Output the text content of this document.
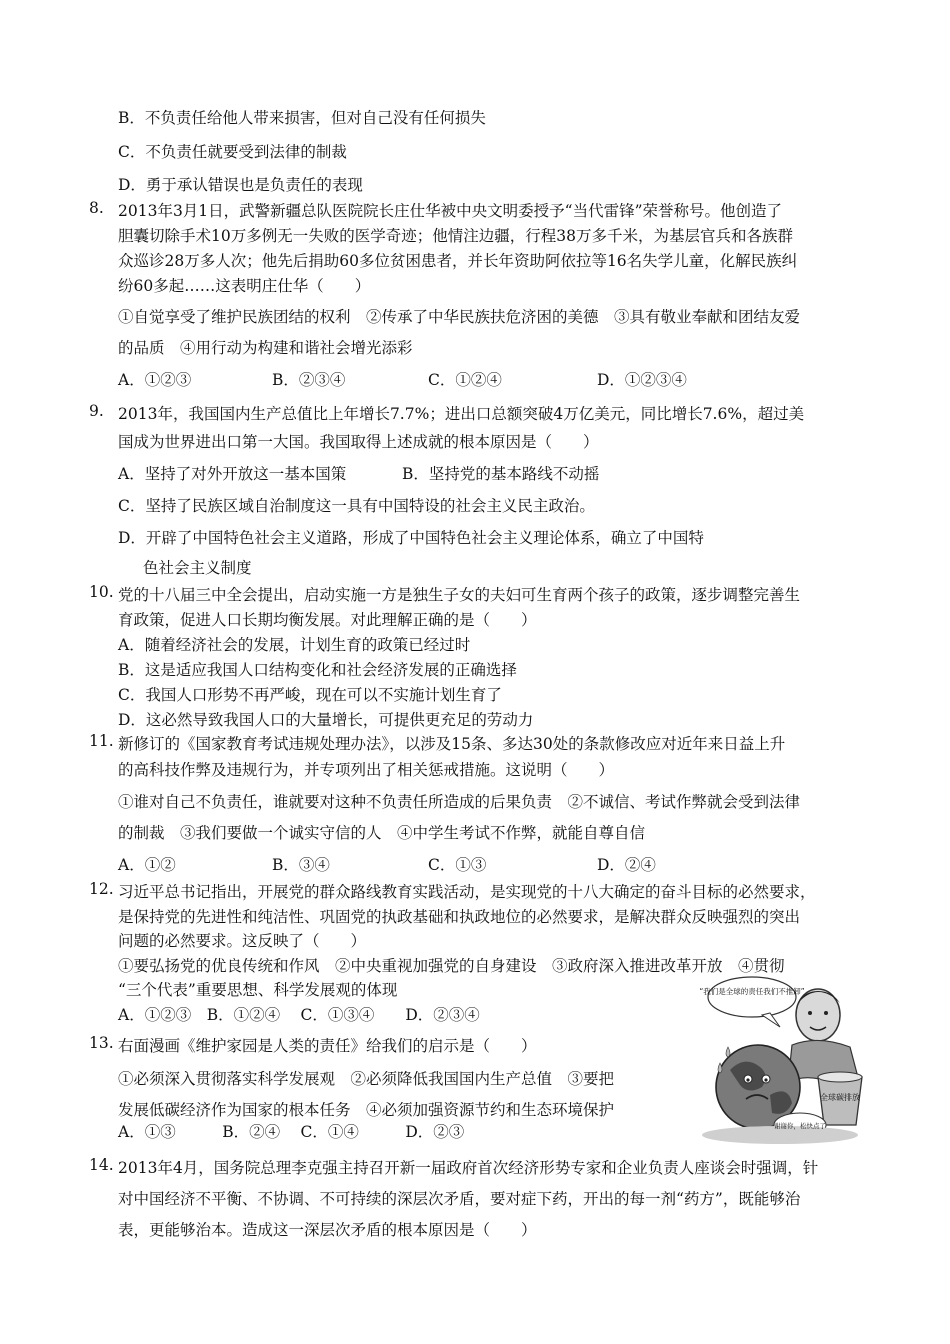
B．不负责任给他人带来损害，但对自己没有任何损失
C．不负责任就要受到法律的制裁
D．勇于承认错误也是负责任的表现
8. 2013年3月1日，武警新疆总队医院院长庄仕华被中央文明委授予“当代雷锋”荣誉称号。他创造了
胆囊切除手术10万多例无一失败的医学奇迹；他情注边疆，行程38万多千米，为基层官兵和各族群
众巡诊28万多人次；他先后捐助60多位贫困患者，并长年资助阿依拉等16名失学儿童，化解民族纠
纷60多起……这表明庄仕华（　　）
①自觉享受了维护民族团结的权利　②传承了中华民族扶危济困的美德　③具有敬业奉献和团结友爱
的品质　④用行动为构建和谐社会增光添彩
A．①②③	B．②③④	C．①②④	D．①②③④
9. 2013年，我国国内生产总值比上年增长7.7%；进出口总额突破4万亿美元，同比增长7.6%，超过美
国成为世界进出口第一大国。我国取得上述成就的根本原因是（　　）
A．坚持了对外开放这一基本国策	B．坚持党的基本路线不动摇
C．坚持了民族区域自治制度这一具有中国特设的社会主义民主政治。
D．开辟了中国特色社会主义道路，形成了中国特色社会主义理论体系，确立了中国特
色社会主义制度
10. 党的十八届三中全会提出，启动实施一方是独生子女的夫妇可生育两个孩子的政策，逐步调整完善生
育政策，促进人口长期均衡发展。对此理解正确的是（　　）
A．随着经济社会的发展，计划生育的政策已经过时
B．这是适应我国人口结构变化和社会经济发展的正确选择
C．我国人口形势不再严峻，现在可以不实施计划生育了
D．这必然导致我国人口的大量增长，可提供更充足的劳动力
11. 新修订的《国家教育考试违规处理办法》，以涉及15条、多达30处的条款修改应对近年来日益上升
的高科技作弊及违规行为，并专项列出了相关惩戒措施。这说明（　　）
①谁对自己不负责任，谁就要对这种不负责任所造成的后果负责　②不诚信、考试作弊就会受到法律
的制裁　③我们要做一个诚实守信的人　④中学生考试不作弊，就能自尊自信
A．①②	B．③④	C．①③	D．②④
12. 习近平总书记指出，开展党的群众路线教育实践活动，是实现党的十八大确定的奋斗目标的必然要求，
是保持党的先进性和纯洁性、巩固党的执政基础和执政地位的必然要求，是解决群众反映强烈的突出
问题的必然要求。这反映了（　　）
①要弘扬党的优良传统和作风　②中央重视加强党的自身建设　③政府深入推进改革开放　④贯彻
“三个代表”重要思想、科学发展观的体现
A．①②③　B．①②④　 C．①③④　　D．②③④
13. 右面漫画《维护家园是人类的责任》给我们的启示是（　　）
①必须深入贯彻落实科学发展观　②必须降低我国国内生产总值　③要把
发展低碳经济作为国家的根本任务　④必须加强资源节约和生态环境保护
A．①③　　　B．②④　 C．①④　　　D．②③
“我们是全球的责任我们不推卸”
全球碳排放
谢谢你，松快点了
14. 2013年4月，国务院总理李克强主持召开新一届政府首次经济形势专家和企业负责人座谈会时强调，针
对中国经济不平衡、不协调、不可持续的深层次矛盾，要对症下药，开出的每一剂“药方”，既能够治
表，更能够治本。造成这一深层次矛盾的根本原因是（　　）
